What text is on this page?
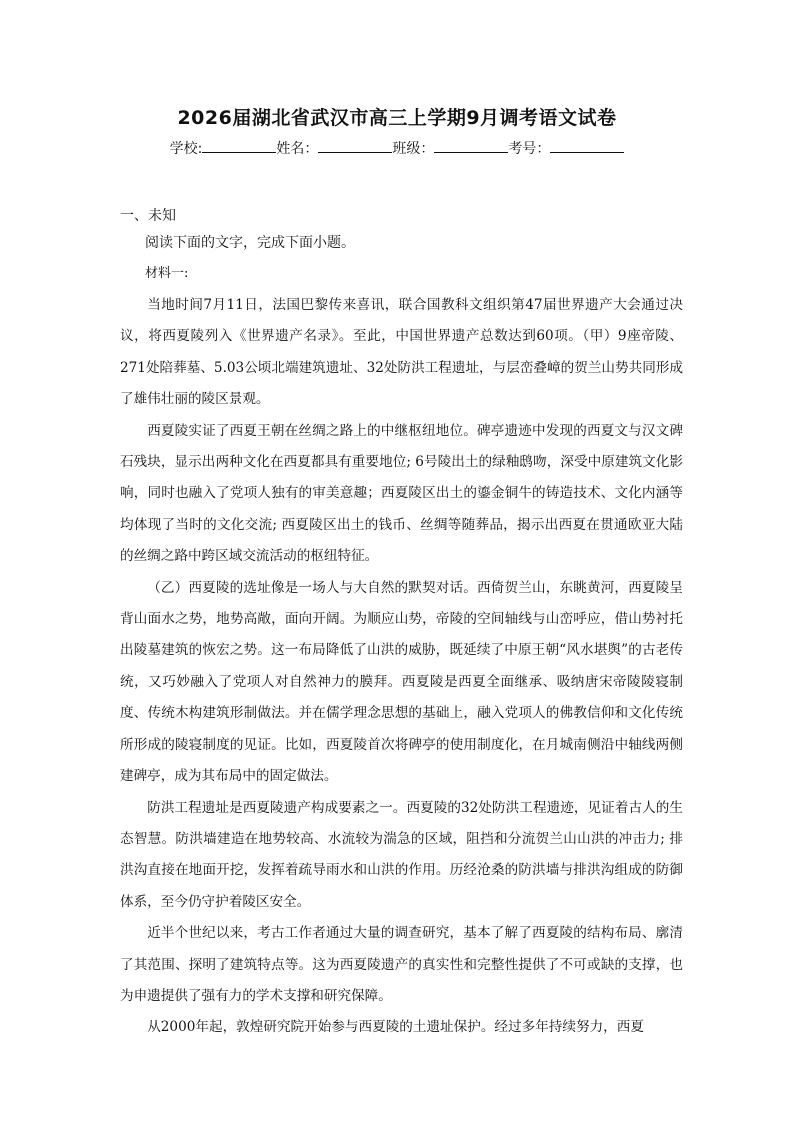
2026届湖北省武汉市高三上学期9月调考语文试卷
学校:	姓名：	班级：	考号：
一、未知
阅读下面的文字，完成下面小题。
材料一:

当地时间7月11日，法国巴黎传来喜讯，联合国教科文组织第47届世界遗产大会通过决议，将西夏陵列入《世界遗产名录》。至此，中国世界遗产总数达到60项。（甲）9座帝陵、271处陪葬墓、5.03公顷北端建筑遗址、32处防洪工程遗址，与层峦叠嶂的贺兰山势共同形成了雄伟壮丽的陵区景观。

西夏陵实证了西夏王朝在丝绸之路上的中继枢纽地位。碑亭遗迹中发现的西夏文与汉文碑石残块，显示出两种文化在西夏都具有重要地位; 6号陵出土的绿釉鸱吻，深受中原建筑文化影响，同时也融入了党项人独有的审美意趣；西夏陵区出土的鎏金铜牛的铸造技术、文化内涵等均体现了当时的文化交流; 西夏陵区出土的钱币、丝绸等随葬品，揭示出西夏在贯通欧亚大陆的丝绸之路中跨区域交流活动的枢纽特征。

（乙）西夏陵的选址像是一场人与大自然的默契对话。西倚贺兰山，东眺黄河，西夏陵呈背山面水之势，地势高敞，面向开阔。为顺应山势，帝陵的空间轴线与山峦呼应，借山势衬托出陵墓建筑的恢宏之势。这一布局降低了山洪的威胁，既延续了中原王朝“风水堪舆”的古老传统，又巧妙融入了党项人对自然神力的膜拜。西夏陵是西夏全面继承、吸纳唐宋帝陵陵寝制度、传统木构建筑形制做法。并在儒学理念思想的基础上，融入党项人的佛教信仰和文化传统所形成的陵寝制度的见证。比如，西夏陵首次将碑亭的使用制度化，在月城南侧沿中轴线两侧建碑亭，成为其布局中的固定做法。

防洪工程遗址是西夏陵遗产构成要素之一。西夏陵的32处防洪工程遗迹，见证着古人的生态智慧。防洪墙建造在地势较高、水流较为湍急的区域，阻挡和分流贺兰山山洪的冲击力; 排洪沟直接在地面开挖，发挥着疏导雨水和山洪的作用。历经沧桑的防洪墙与排洪沟组成的防御体系，至今仍守护着陵区安全。

近半个世纪以来，考古工作者通过大量的调查研究，基本了解了西夏陵的结构布局、廓清了其范围、探明了建筑特点等。这为西夏陵遗产的真实性和完整性提供了不可或缺的支撑，也为申遗提供了强有力的学术支撑和研究保障。

从2000年起，敦煌研究院开始参与西夏陵的土遗址保护。经过多年持续努力，西夏
